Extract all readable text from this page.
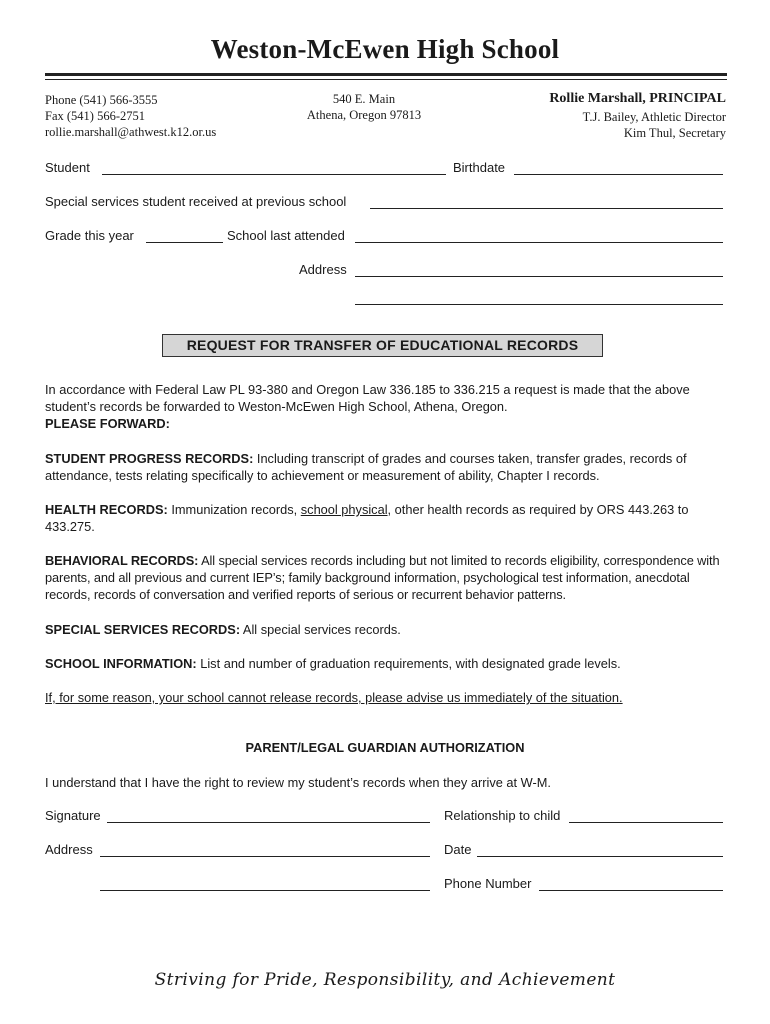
Weston-McEwen High School
Phone (541) 566-3555
Fax (541) 566-2751
rollie.marshall@athwest.k12.or.us
540 E. Main
Athena, Oregon 97813
Rollie Marshall, PRINCIPAL
T.J. Bailey, Athletic Director
Kim Thul, Secretary
Student	Birthdate
Special services student received at previous school
Grade this year	School last attended
Address
REQUEST FOR TRANSFER OF EDUCATIONAL RECORDS

In accordance with Federal Law PL 93-380 and Oregon Law 336.185 to 336.215 a request is made that the above student’s records be forwarded to Weston-McEwen High School, Athena, Oregon.

PLEASE FORWARD:

STUDENT PROGRESS RECORDS: Including transcript of grades and courses taken, transfer grades, records of attendance, tests relating specifically to achievement or measurement of ability, Chapter I records.

HEALTH RECORDS: Immunization records, school physical, other health records as required by ORS 443.263 to 433.275.

BEHAVIORAL RECORDS: All special services records including but not limited to records eligibility, correspondence with parents, and all previous and current IEP’s; family background information, psychological test information, anecdotal records, records of conversation and verified reports of serious or recurrent behavior patterns.

SPECIAL SERVICES RECORDS: All special services records.

SCHOOL INFORMATION: List and number of graduation requirements, with designated grade levels.

If, for some reason, your school cannot release records, please advise us immediately of the situation.

PARENT/LEGAL GUARDIAN AUTHORIZATION
I understand that I have the right to review my student’s records when they arrive at W-M.
Signature	Relationship to child
Address	Date
Phone Number
Striving for Pride, Responsibility, and Achievement
